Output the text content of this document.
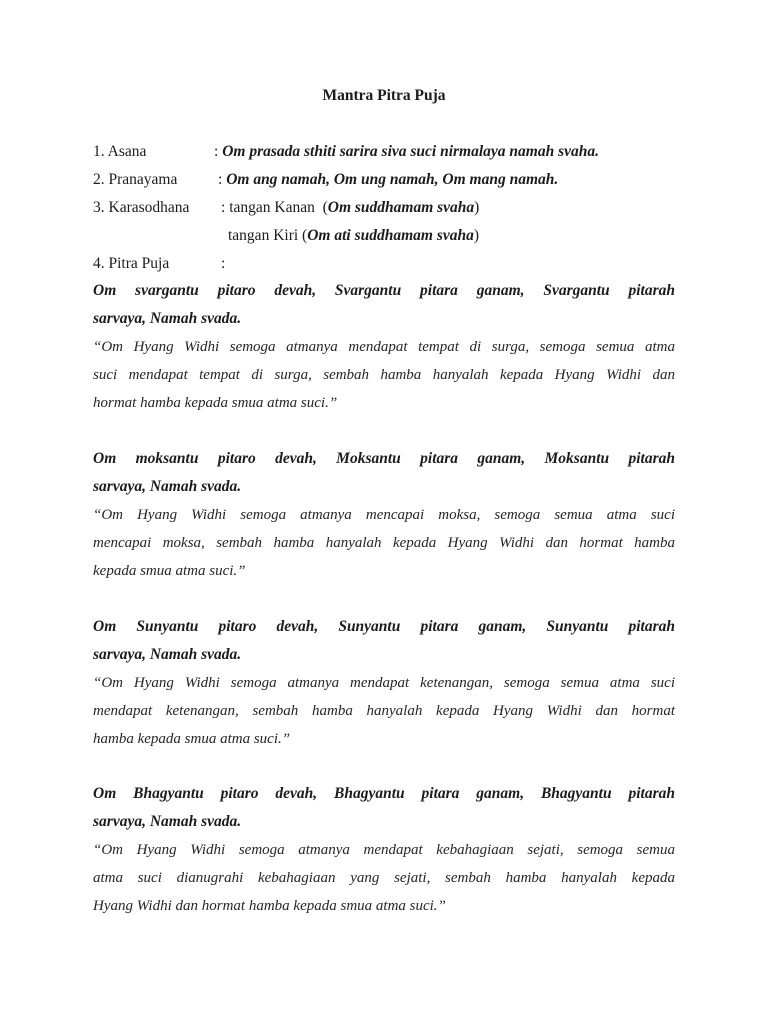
Mantra Pitra Puja
1. Asana	: Om prasada sthiti sarira siva suci nirmalaya namah svaha.
2. Pranayama	: Om ang namah, Om ung namah, Om mang namah.
3. Karasodhana : tangan Kanan  (Om suddhamam svaha)
tangan Kiri (Om ati suddhamam svaha)
4. Pitra Puja	:
Om svargantu pitaro devah, Svargantu pitara ganam, Svargantu pitarah
sarvaya, Namah svada.
“Om Hyang Widhi semoga atmanya mendapat tempat di surga, semoga semua atma
suci mendapat tempat di surga, sembah hamba hanyalah kepada Hyang Widhi dan
hormat hamba kepada smua atma suci.”
Om moksantu pitaro devah, Moksantu pitara ganam, Moksantu pitarah
sarvaya, Namah svada.
“Om Hyang Widhi semoga atmanya mencapai moksa, semoga semua atma suci
mencapai moksa, sembah hamba hanyalah kepada Hyang Widhi dan hormat hamba
kepada smua atma suci.”
Om Sunyantu pitaro devah, Sunyantu pitara ganam, Sunyantu pitarah
sarvaya, Namah svada.
“Om Hyang Widhi semoga atmanya mendapat ketenangan, semoga semua atma suci
mendapat ketenangan, sembah hamba hanyalah kepada Hyang Widhi dan hormat
hamba kepada smua atma suci.”
Om Bhagyantu pitaro devah, Bhagyantu pitara ganam, Bhagyantu pitarah
sarvaya, Namah svada.
“Om Hyang Widhi semoga atmanya mendapat kebahagiaan sejati, semoga semua
atma suci dianugrahi kebahagiaan yang sejati, sembah hamba hanyalah kepada
Hyang Widhi dan hormat hamba kepada smua atma suci.”
